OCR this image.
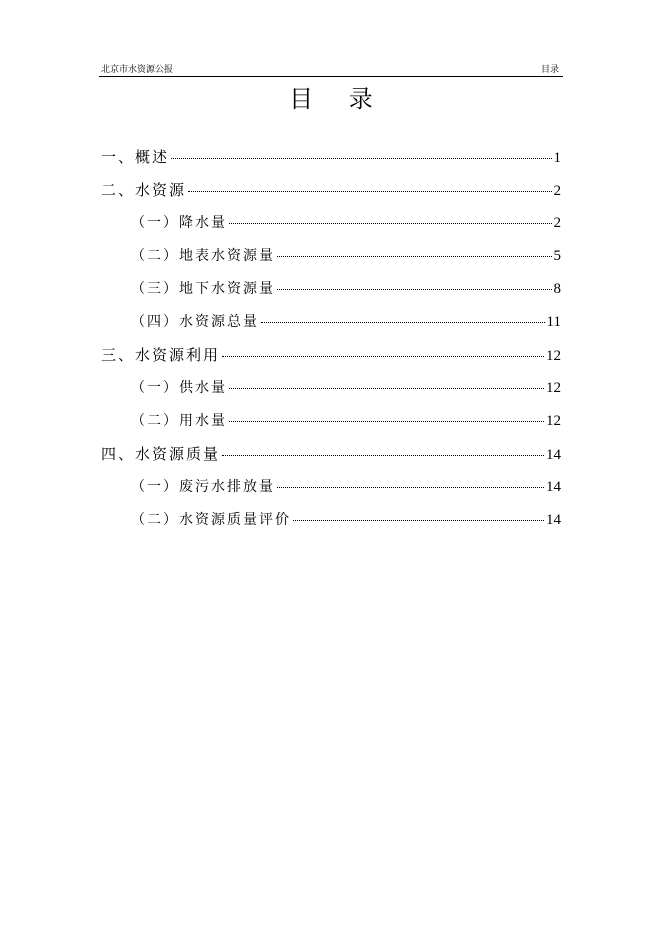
北京市水资源公报	目录
目 录
一、概述	1
二、水资源	2
（一）降水量	2
（二）地表水资源量	5
（三）地下水资源量	8
（四）水资源总量	11
三、水资源利用	12
（一）供水量	12
（二）用水量	12
四、水资源质量	14
（一）废污水排放量	14
（二）水资源质量评价	14
